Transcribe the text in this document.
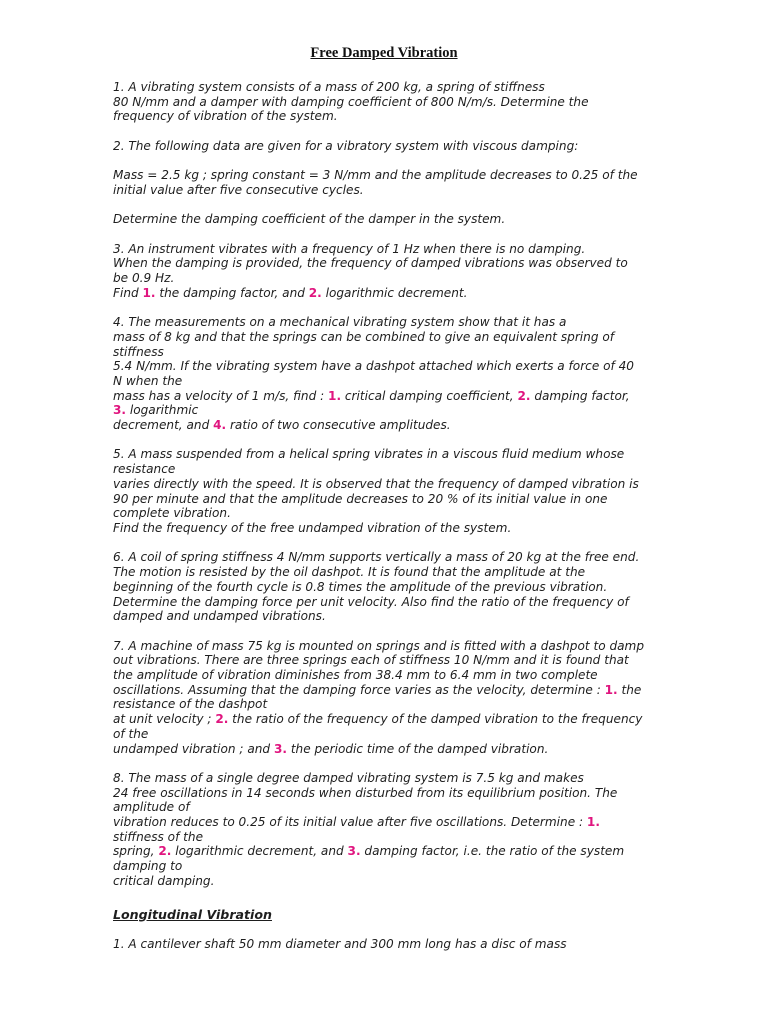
Free Damped Vibration
1. A vibrating system consists of a mass of 200 kg, a spring of stiffness
80 N/mm and a damper with damping coefficient of 800 N/m/s. Determine the
frequency of vibration of the system.
2. The following data are given for a vibratory system with viscous damping:
Mass = 2.5 kg ; spring constant = 3 N/mm and the amplitude decreases to 0.25 of the
initial value after five consecutive cycles.
Determine the damping coefficient of the damper in the system.
3. An instrument vibrates with a frequency of 1 Hz when there is no damping.
When the damping is provided, the frequency of damped vibrations was observed to
be 0.9 Hz.
Find 1. the damping factor, and 2. logarithmic decrement.
4. The measurements on a mechanical vibrating system show that it has a
mass of 8 kg and that the springs can be combined to give an equivalent spring of
stiffness
5.4 N/mm. If the vibrating system have a dashpot attached which exerts a force of 40
N when the
mass has a velocity of 1 m/s, find : 1. critical damping coefficient, 2. damping factor,
3. logarithmic
decrement, and 4. ratio of two consecutive amplitudes.
5. A mass suspended from a helical spring vibrates in a viscous fluid medium whose
resistance
varies directly with the speed. It is observed that the frequency of damped vibration is
90 per minute and that the amplitude decreases to 20 % of its initial value in one
complete vibration.
Find the frequency of the free undamped vibration of the system.
6. A coil of spring stiffness 4 N/mm supports vertically a mass of 20 kg at the free end.
The motion is resisted by the oil dashpot. It is found that the amplitude at the
beginning of the fourth cycle is 0.8 times the amplitude of the previous vibration.
Determine the damping force per unit velocity. Also find the ratio of the frequency of
damped and undamped vibrations.
7. A machine of mass 75 kg is mounted on springs and is fitted with a dashpot to damp
out vibrations. There are three springs each of stiffness 10 N/mm and it is found that
the amplitude of vibration diminishes from 38.4 mm to 6.4 mm in two complete
oscillations. Assuming that the damping force varies as the velocity, determine : 1. the
resistance of the dashpot
at unit velocity ; 2. the ratio of the frequency of the damped vibration to the frequency
of the
undamped vibration ; and 3. the periodic time of the damped vibration.
8. The mass of a single degree damped vibrating system is 7.5 kg and makes
24 free oscillations in 14 seconds when disturbed from its equilibrium position. The
amplitude of
vibration reduces to 0.25 of its initial value after five oscillations. Determine : 1.
stiffness of the
spring, 2. logarithmic decrement, and 3. damping factor, i.e. the ratio of the system
damping to
critical damping.
Longitudinal Vibration
1. A cantilever shaft 50 mm diameter and 300 mm long has a disc of mass
